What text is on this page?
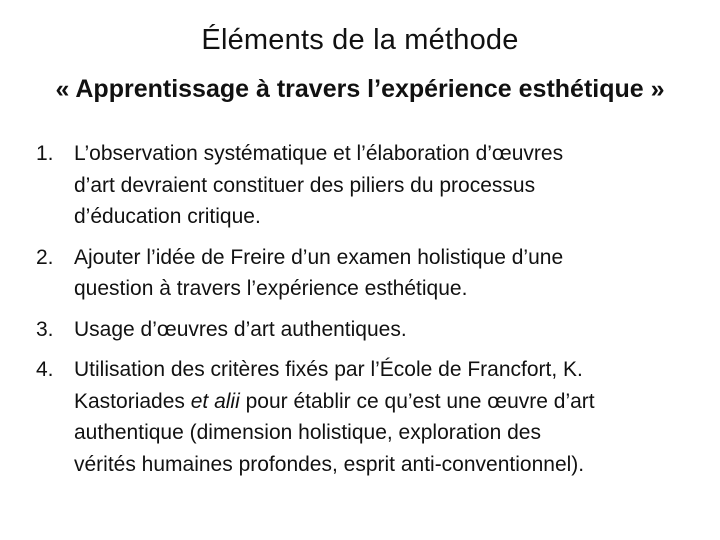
Éléments de la méthode
« Apprentissage à travers l’expérience esthétique »
1. L’observation systématique et l’élaboration d’œuvres
d’art devraient constituer des piliers du processus
d’éducation critique.
2. Ajouter l’idée de Freire d’un examen holistique d’une
question à travers l’expérience esthétique.
3. Usage d’œuvres d’art authentiques.
4. Utilisation des critères fixés par l’École de Francfort, K.
Kastoriades et alii pour établir ce qu’est une œuvre d’art
authentique (dimension holistique, exploration des
vérités humaines profondes, esprit anti-conventionnel).
